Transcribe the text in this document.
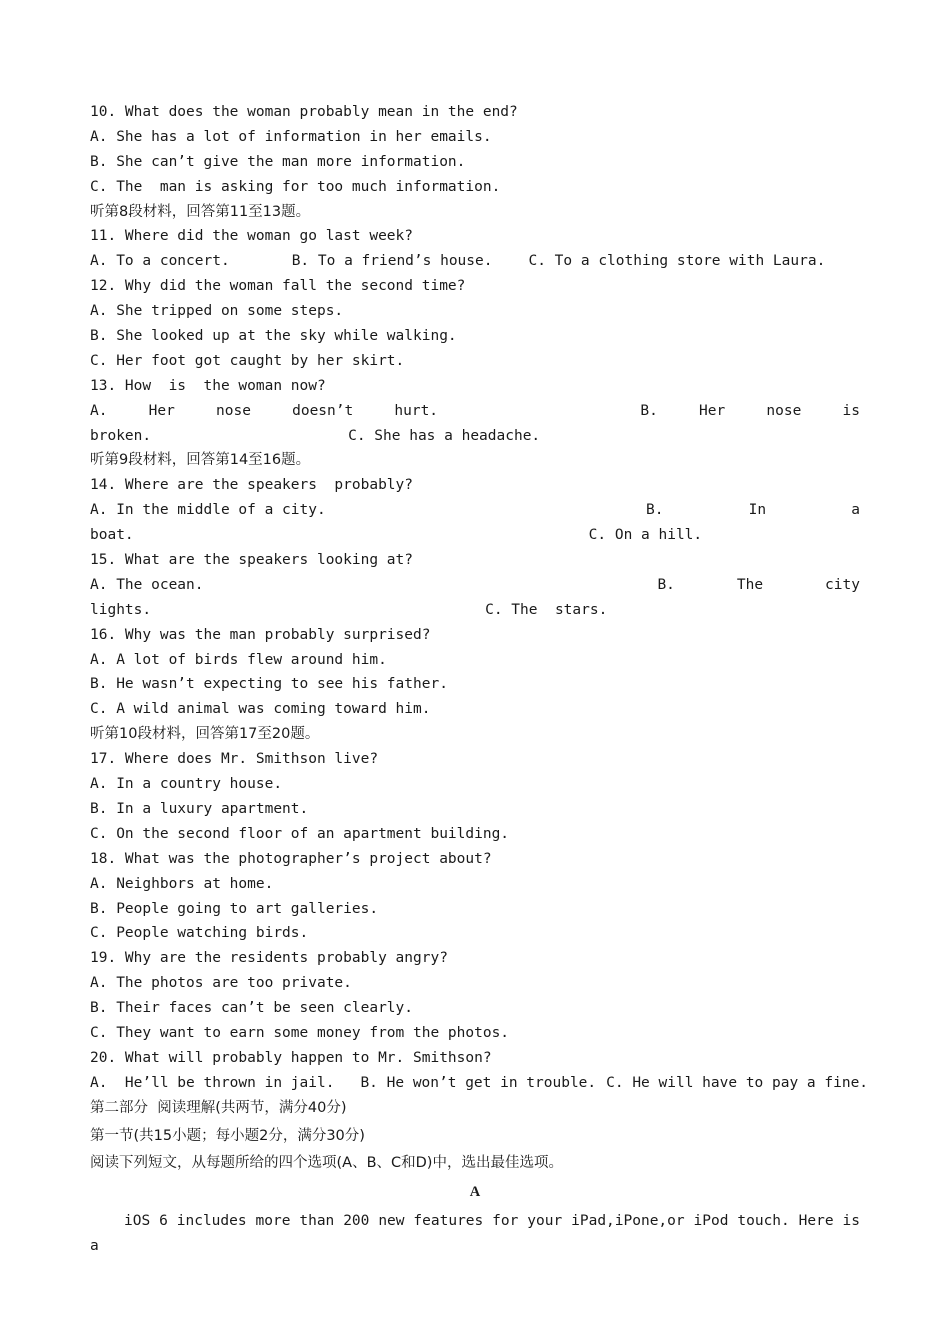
10. What does the woman probably mean in the end?
A. She has a lot of information in her emails.
B. She can’t give the man more information.
C. The  man is asking for too much information.
听第8段材料，回答第11至13题。
11. Where did the woman go last week?
A. To a concert.	B. To a friend’s house. C. To a clothing store with Laura.
12. Why did the woman fall the second time?
A. She tripped on some steps.
B. She looked up at the sky while walking.
C. Her foot got caught by her skirt.
13. How  is  the woman now?
A.	Her	nose	doesn’t	hurt.	B.	Her	nose	is
broken.	C. She has a headache.
听第9段材料，回答第14至16题。
14. Where are the speakers  probably?
A. In the middle of a city.	B.	In	a
boat.	C. On a hill.
15. What are the speakers looking at?
A. The ocean.	B.	The	city
lights.	C. The  stars.
16. Why was the man probably surprised?
A. A lot of birds flew around him.
B. He wasn’t expecting to see his father.
C. A wild animal was coming toward him.
听第10段材料，回答第17至20题。
17. Where does Mr. Smithson live?
A. In a country house.
B. In a luxury apartment.
C. On the second floor of an apartment building.
18. What was the photographer’s project about?
A. Neighbors at home.
B. People going to art galleries.
C. People watching birds.
19. Why are the residents probably angry?
A. The photos are too private.
B. Their faces can’t be seen clearly.
C. They want to earn some money from the photos.
20. What will probably happen to Mr. Smithson?
A.  He’ll be thrown in jail. B. He won’t get in trouble. C. He will have to pay a fine.
第二部分  阅读理解(共两节，满分40分)
第一节(共15小题；每小题2分，满分30分)
阅读下列短文，从每题所给的四个选项(A、B、C和D)中，选出最佳选项。
A
iOS 6 includes more than 200 new features for your iPad,iPone,or iPod touch. Here is a
